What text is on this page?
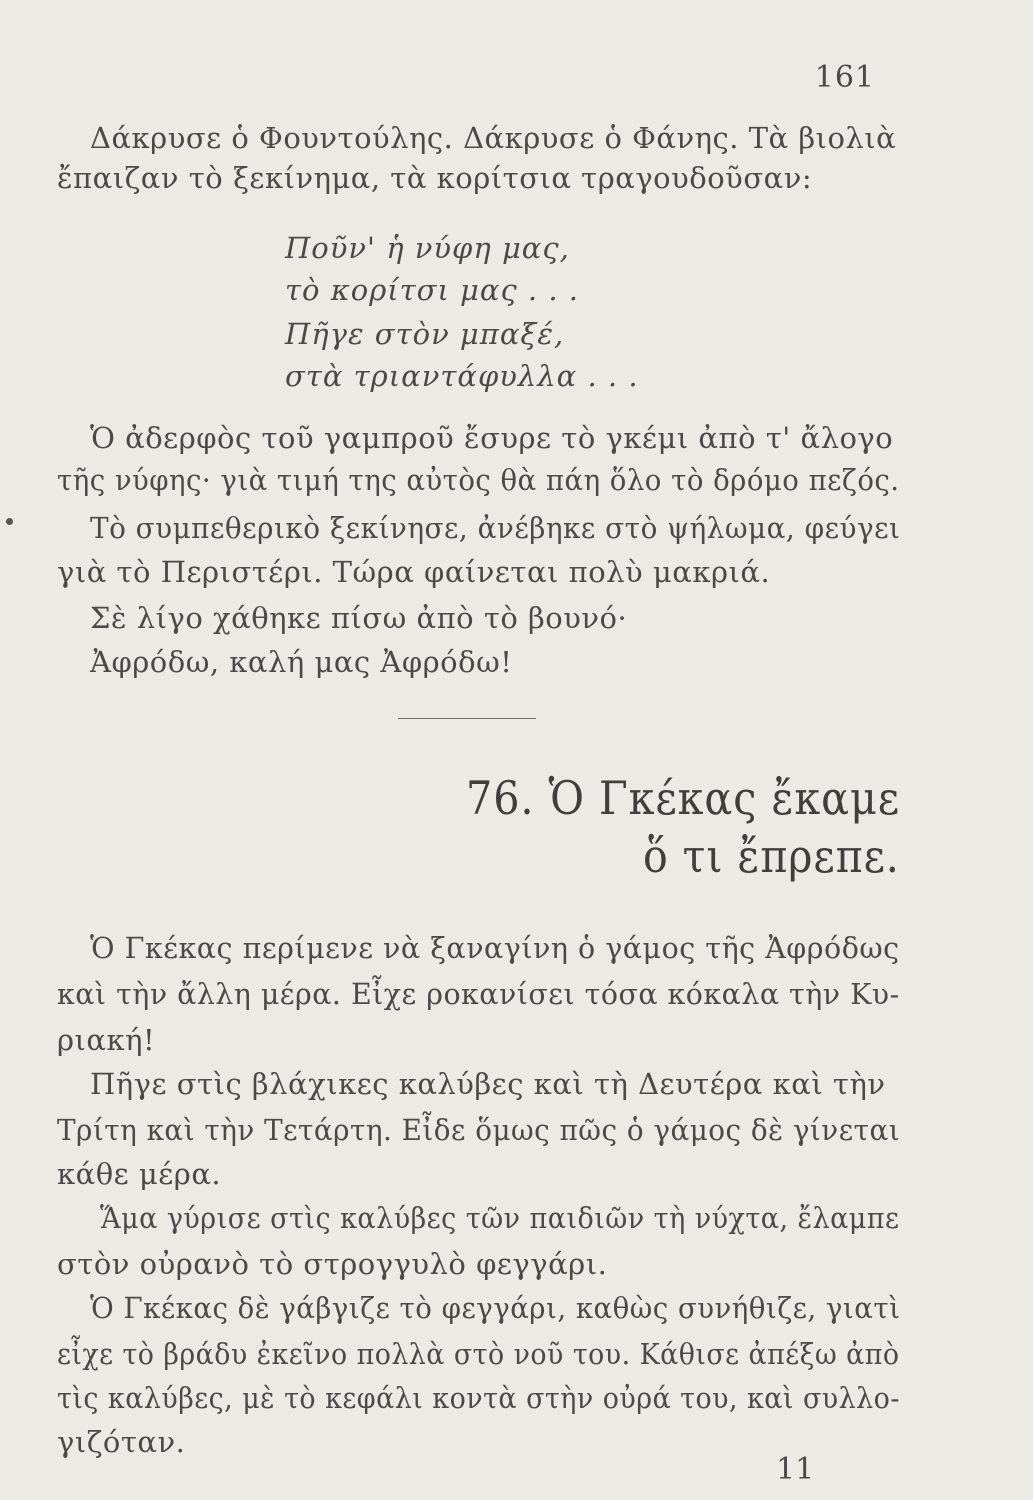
161
Δάκρυσε ὁ Φουντούλης. Δάκρυσε ὁ Φάνης. Τὰ βιολιὰ
ἔπαιζαν τὸ ξεκίνημα, τὰ κορίτσια τραγουδοῦσαν:
Ποῦν' ἡ νύφη μας,
τὸ κορίτσι μας . . .
Πῆγε στὸν μπαξέ,
στὰ τριαντάφυλλα . . .
Ὁ ἀδερφὸς τοῦ γαμπροῦ ἔσυρε τὸ γκέμι ἀπὸ τ' ἄλογο
τῆς νύφης· γιὰ τιμή της αὐτὸς θὰ πάη ὅλο τὸ δρόμο πεζός.
Τὸ συμπεθερικὸ ξεκίνησε, ἀνέβηκε στὸ ψήλωμα, φεύγει
γιὰ τὸ Περιστέρι. Τώρα φαίνεται πολὺ μακριά.
Σὲ λίγο χάθηκε πίσω ἀπὸ τὸ βουνό·
Ἀφρόδω, καλή μας Ἀφρόδω!
76. Ὁ Γκέκας ἔκαμε
ὅ τι ἔπρεπε.
Ὁ Γκέκας περίμενε νὰ ξαναγίνη ὁ γάμος τῆς Ἀφρόδως
καὶ τὴν ἄλλη μέρα. Εἶχε ροκανίσει τόσα κόκαλα τὴν Κυ-
ριακή!
Πῆγε στὶς βλάχικες καλύβες καὶ τὴ Δευτέρα καὶ τὴν
Τρίτη καὶ τὴν Τετάρτη. Εἶδε ὅμως πῶς ὁ γάμος δὲ γίνεται
κάθε μέρα.
Ἅμα γύρισε στὶς καλύβες τῶν παιδιῶν τὴ νύχτα, ἔλαμπε
στὸν οὐρανὸ τὸ στρογγυλὸ φεγγάρι.
Ὁ Γκέκας δὲ γάβγιζε τὸ φεγγάρι, καθὼς συνήθιζε, γιατὶ
εἶχε τὸ βράδυ ἐκεῖνο πολλὰ στὸ νοῦ του. Κάθισε ἀπέξω ἀπὸ
τὶς καλύβες, μὲ τὸ κεφάλι κοντὰ στὴν οὐρά του, καὶ συλλο-
γιζόταν.
11
